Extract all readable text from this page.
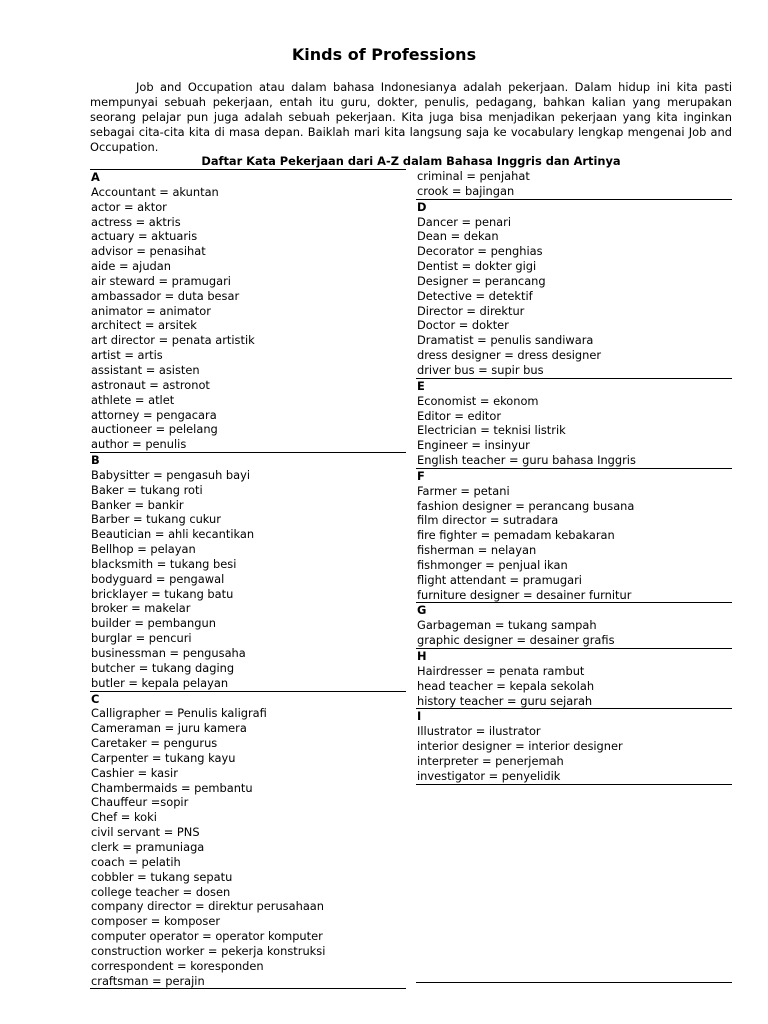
Kinds of Professions

Job and Occupation atau dalam bahasa Indonesianya adalah pekerjaan. Dalam hidup ini kita pasti mempunyai sebuah pekerjaan, entah itu guru, dokter, penulis, pedagang, bahkan kalian yang merupakan seorang pelajar pun juga adalah sebuah pekerjaan. Kita juga bisa menjadikan pekerjaan yang kita inginkan sebagai cita-cita kita di masa depan. Baiklah mari kita langsung saja ke vocabulary lengkap mengenai Job and Occupation.

Daftar Kata Pekerjaan dari A-Z dalam Bahasa Inggris dan Artinya
A
Accountant = akuntan
actor = aktor
actress = aktris
actuary = aktuaris
advisor = penasihat
aide = ajudan
air steward = pramugari
ambassador = duta besar
animator = animator
architect = arsitek
art director = penata artistik
artist = artis
assistant = asisten
astronaut = astronot
athlete = atlet
attorney = pengacara
auctioneer = pelelang
author = penulis
B
Babysitter = pengasuh bayi
Baker = tukang roti
Banker = bankir
Barber = tukang cukur
Beautician = ahli kecantikan
Bellhop = pelayan
blacksmith = tukang besi
bodyguard = pengawal
bricklayer = tukang batu
broker = makelar
builder = pembangun
burglar = pencuri
businessman = pengusaha
butcher = tukang daging
butler = kepala pelayan
C
Calligrapher = Penulis kaligrafi
Cameraman = juru kamera
Caretaker = pengurus
Carpenter = tukang kayu
Cashier = kasir
Chambermaids = pembantu
Chauffeur =sopir
Chef = koki
civil servant = PNS
clerk = pramuniaga
coach = pelatih
cobbler = tukang sepatu
college teacher = dosen
company director = direktur perusahaan
composer = komposer
computer operator = operator komputer
construction worker = pekerja konstruksi
correspondent = koresponden
craftsman = perajin
criminal = penjahat
crook = bajingan
D
Dancer = penari
Dean = dekan
Decorator = penghias
Dentist = dokter gigi
Designer = perancang
Detective = detektif
Director = direktur
Doctor = dokter
Dramatist = penulis sandiwara
dress designer = dress designer
driver bus = supir bus
E
Economist = ekonom
Editor = editor
Electrician = teknisi listrik
Engineer = insinyur
English teacher = guru bahasa Inggris
F
Farmer = petani
fashion designer = perancang busana
film director = sutradara
fire fighter = pemadam kebakaran
fisherman = nelayan
fishmonger = penjual ikan
flight attendant = pramugari
furniture designer = desainer furnitur
G
Garbageman = tukang sampah
graphic designer = desainer grafis
H
Hairdresser = penata rambut
head teacher = kepala sekolah
history teacher = guru sejarah
I
Illustrator = ilustrator
interior designer = interior designer
interpreter = penerjemah
investigator = penyelidik
